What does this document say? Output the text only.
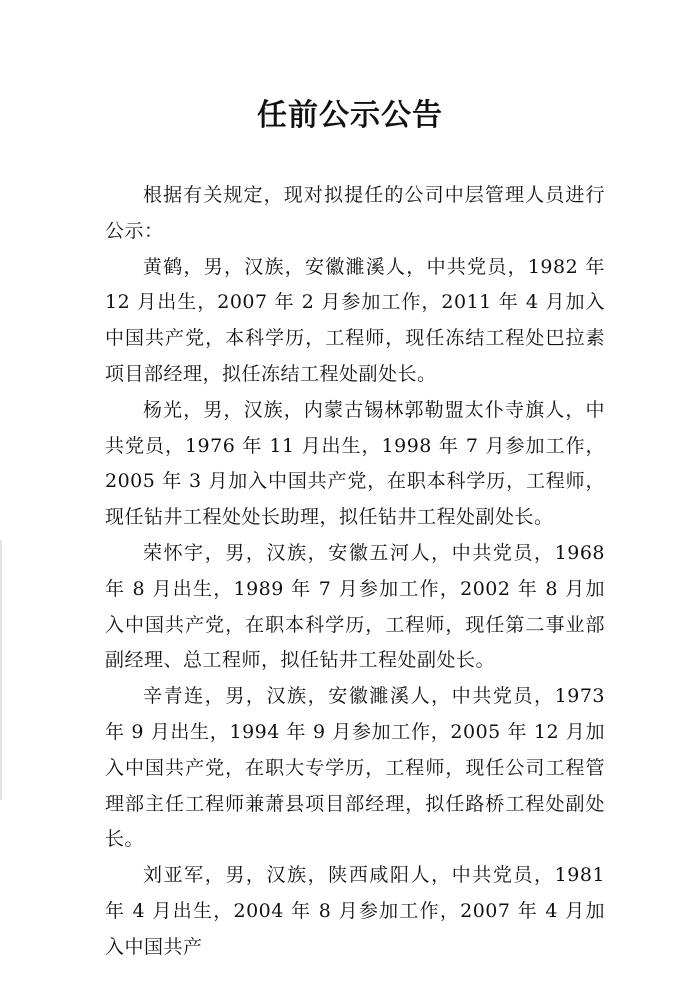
任前公示公告

根据有关规定，现对拟提任的公司中层管理人员进行公示：

黄鹤，男，汉族，安徽濉溪人，中共党员，1982 年 12 月出生，2007 年 2 月参加工作，2011 年 4 月加入中国共产党，本科学历，工程师，现任冻结工程处巴拉素项目部经理，拟任冻结工程处副处长。

杨光，男，汉族，内蒙古锡林郭勒盟太仆寺旗人，中共党员，1976 年 11 月出生，1998 年 7 月参加工作，2005 年 3 月加入中国共产党，在职本科学历，工程师，现任钻井工程处处长助理，拟任钻井工程处副处长。

荣怀宇，男，汉族，安徽五河人，中共党员，1968 年 8 月出生，1989 年 7 月参加工作，2002 年 8 月加入中国共产党，在职本科学历，工程师，现任第二事业部副经理、总工程师，拟任钻井工程处副处长。

辛青连，男，汉族，安徽濉溪人，中共党员，1973 年 9 月出生，1994 年 9 月参加工作，2005 年 12 月加入中国共产党，在职大专学历，工程师，现任公司工程管理部主任工程师兼萧县项目部经理，拟任路桥工程处副处长。

刘亚军，男，汉族，陕西咸阳人，中共党员，1981 年 4 月出生，2004 年 8 月参加工作，2007 年 4 月加入中国共产
